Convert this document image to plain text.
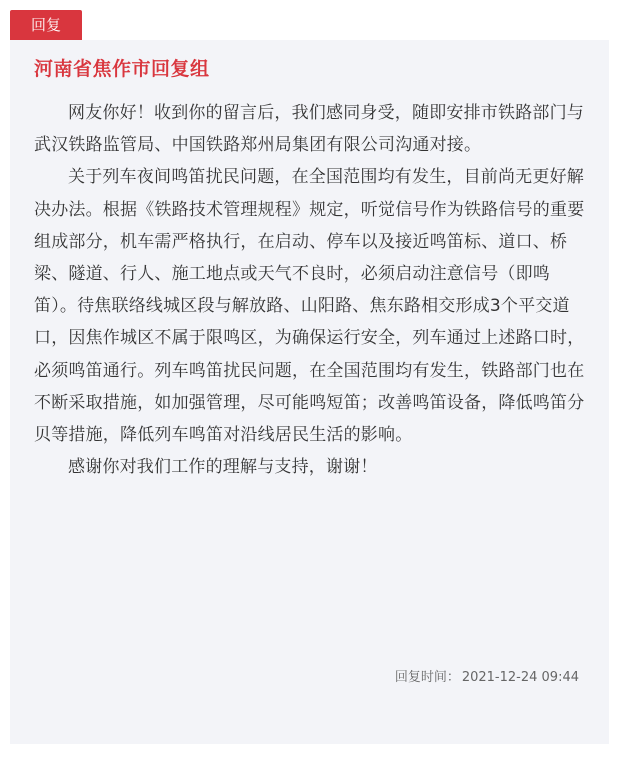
回复
河南省焦作市回复组

网友你好！收到你的留言后，我们感同身受，随即安排市铁路部门与武汉铁路监管局、中国铁路郑州局集团有限公司沟通对接。

关于列车夜间鸣笛扰民问题，在全国范围均有发生，目前尚无更好解决办法。根据《铁路技术管理规程》规定，听觉信号作为铁路信号的重要组成部分，机车需严格执行，在启动、停车以及接近鸣笛标、道口、桥梁、隧道、行人、施工地点或天气不良时，必须启动注意信号（即鸣笛）。待焦联络线城区段与解放路、山阳路、焦东路相交形成3个平交道口，因焦作城区不属于限鸣区，为确保运行安全，列车通过上述路口时，必须鸣笛通行。列车鸣笛扰民问题，在全国范围均有发生，铁路部门也在不断采取措施，如加强管理，尽可能鸣短笛；改善鸣笛设备，降低鸣笛分贝等措施，降低列车鸣笛对沿线居民生活的影响。

感谢你对我们工作的理解与支持，谢谢！

回复时间： 2021-12-24 09:44
